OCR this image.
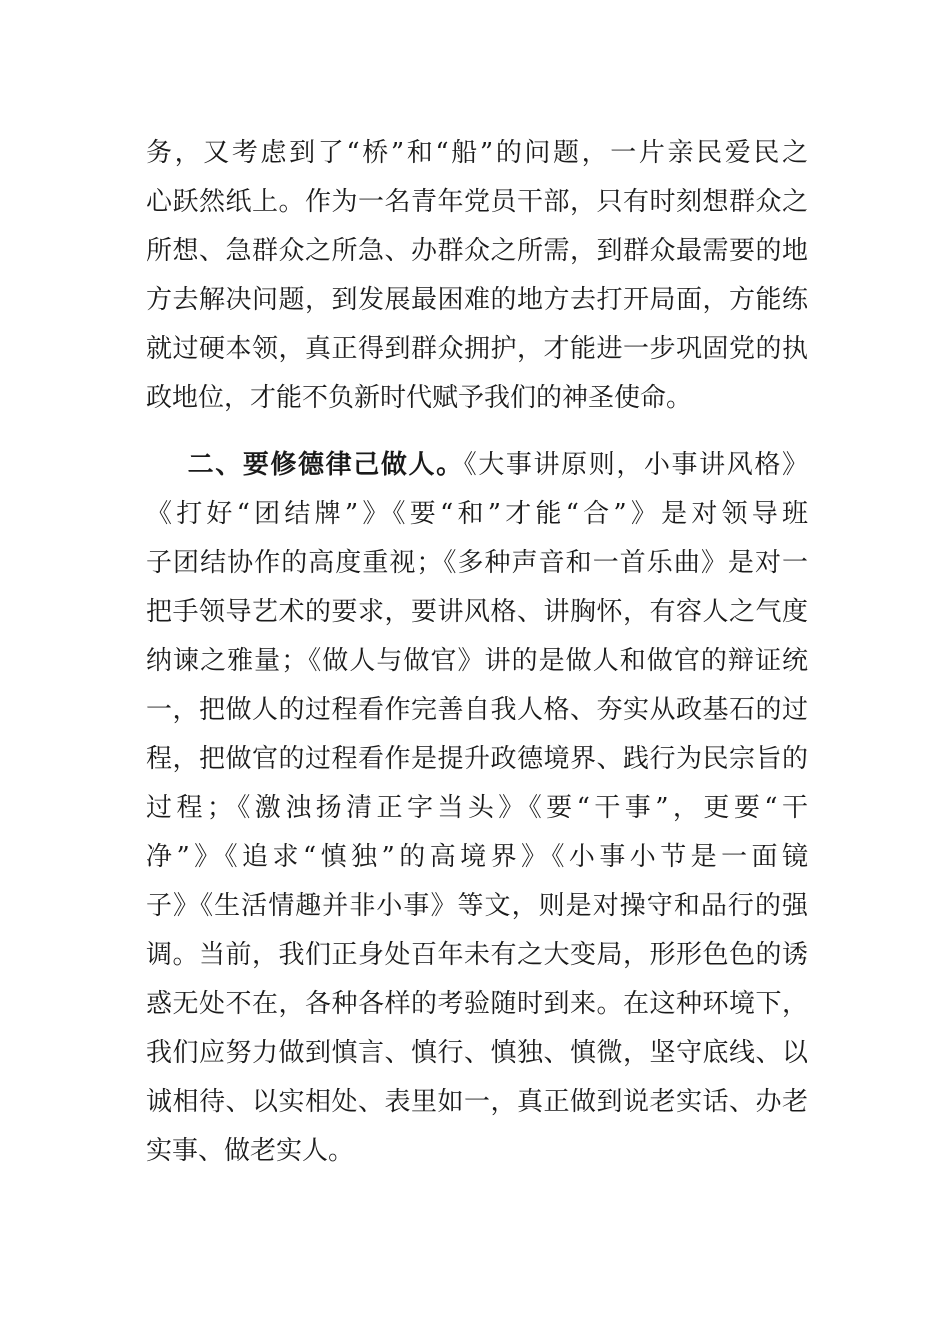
务，又考虑到了“桥”和“船”的问题，一片亲民爱民之
心跃然纸上。作为一名青年党员干部，只有时刻想群众之
所想、急群众之所急、办群众之所需，到群众最需要的地
方去解决问题，到发展最困难的地方去打开局面，方能练
就过硬本领，真正得到群众拥护，才能进一步巩固党的执
政地位，才能不负新时代赋予我们的神圣使命。
二、要修德律己做人。《大事讲原则，小事讲风格》
《打好“团结牌”》《要“和”才能“合”》是对领导班
子团结协作的高度重视；《多种声音和一首乐曲》是对一
把手领导艺术的要求，要讲风格、讲胸怀，有容人之气度
纳谏之雅量；《做人与做官》讲的是做人和做官的辩证统
一，把做人的过程看作完善自我人格、夯实从政基石的过
程，把做官的过程看作是提升政德境界、践行为民宗旨的
过程；《激浊扬清正字当头》《要“干事”，更要“干
净”》《追求“慎独”的高境界》《小事小节是一面镜
子》《生活情趣并非小事》等文，则是对操守和品行的强
调。当前，我们正身处百年未有之大变局，形形色色的诱
惑无处不在，各种各样的考验随时到来。在这种环境下，
我们应努力做到慎言、慎行、慎独、慎微，坚守底线、以
诚相待、以实相处、表里如一，真正做到说老实话、办老
实事、做老实人。
